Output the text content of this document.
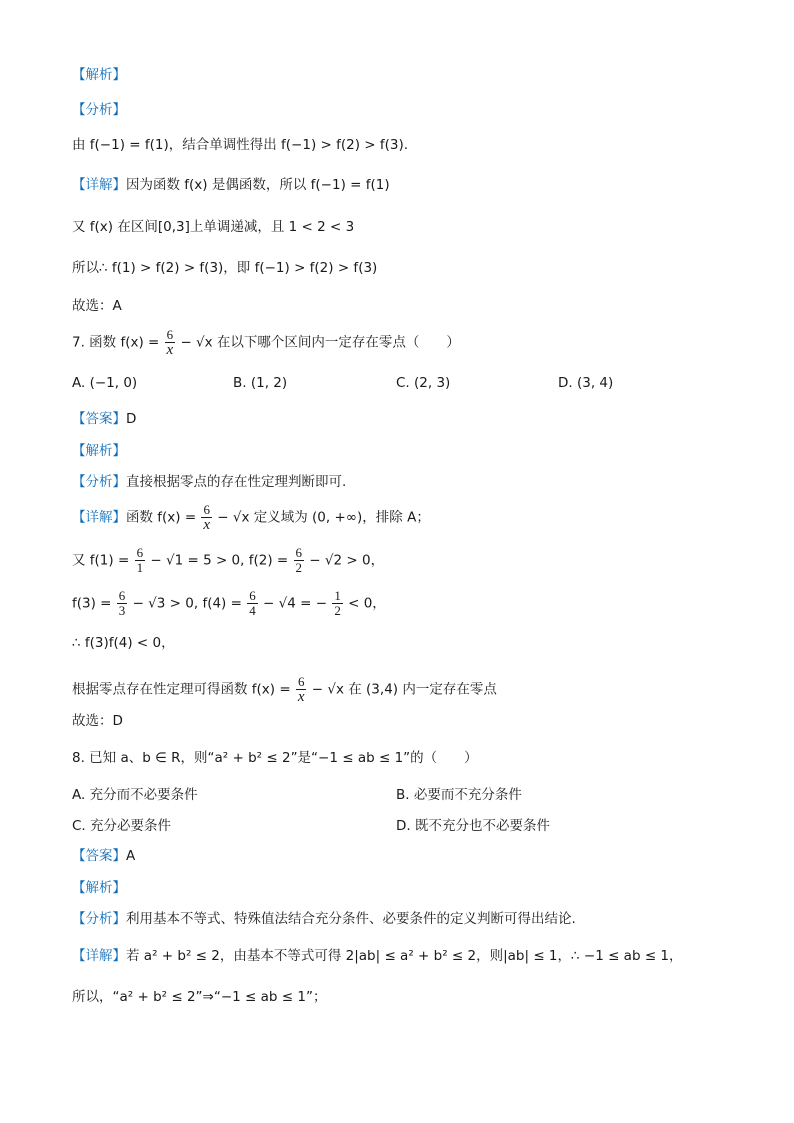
【解析】
【分析】
由 f(−1) = f(1)，结合单调性得出 f(−1) > f(2) > f(3).
【详解】因为函数 f(x) 是偶函数，所以 f(−1) = f(1)
又 f(x) 在区间[0,3]上单调递减，且 1 < 2 < 3
所以∴ f(1) > f(2) > f(3)，即 f(−1) > f(2) > f(3)
故选：A
7. 函数 $f(x) = \frac{6}{x} - √x$ 在以下哪个区间内一定存在零点（　　）
A. (−1, 0)	B. (1, 2)	C. (2, 3)	D. (3, 4)
【答案】D
【解析】
【分析】直接根据零点的存在性定理判断即可.
【详解】函数 $f(x) = \frac{6}{x} - √x$ 定义域为 (0, +∞)，排除 A；
又 $f(1) = \frac{6}{1} - √1 = 5 > 0$, $f(2) = \frac{6}{2} - √2 > 0$，
$f(3) = \frac{6}{3} - √3 > 0$, $f(4) = \frac{6}{4} - √4$ = − $\frac{1}{2} < 0$，
∴ f(3)f(4) < 0，
根据零点存在性定理可得函数 $f(x) = \frac{6}{x} - √x$ 在 (3,4) 内一定存在零点
故选：D
8. 已知 a、b ∈ R，则“a² + b² ≤ 2”是“−1 ≤ ab ≤ 1”的（　　）
A. 充分而不必要条件	B. 必要而不充分条件
C. 充分必要条件	D. 既不充分也不必要条件
【答案】A
【解析】
【分析】利用基本不等式、特殊值法结合充分条件、必要条件的定义判断可得出结论.
【详解】若 a² + b² ≤ 2，由基本不等式可得 2|ab| ≤ a² + b² ≤ 2，则|ab| ≤ 1，∴ −1 ≤ ab ≤ 1，
所以，“a² + b² ≤ 2”⇒“−1 ≤ ab ≤ 1”；
